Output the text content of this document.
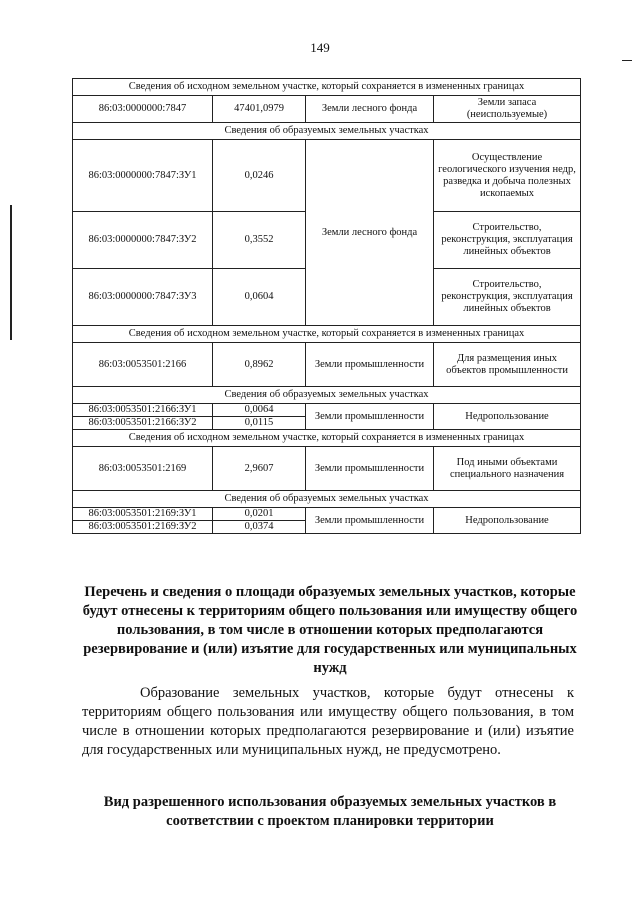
149
Сведения об исходном земельном участке, который сохраняется в измененных границах			
86:03:0000000:7847	47401,0979	Земли лесного фонда	Земли запаса (неиспользуемые)
Сведения об образуемых земельных участках			
86:03:0000000:7847:ЗУ1	0,0246	Земли лесного фонда	Осуществление геологического изучения недр, разведка и добыча полезных ископаемых
86:03:0000000:7847:ЗУ2	0,3552		Строительство, реконструкция, эксплуатация линейных объектов
86:03:0000000:7847:ЗУ3	0,0604		Строительство, реконструкция, эксплуатация линейных объектов
Сведения об исходном земельном участке, который сохраняется в измененных границах			
86:03:0053501:2166	0,8962	Земли промышленности	Для размещения иных объектов промышленности
Сведения об образуемых земельных участках			
86:03:0053501:2166:ЗУ1	0,0064	Земли промышленности	Недропользование
86:03:0053501:2166:ЗУ2	0,0115		
Сведения об исходном земельном участке, который сохраняется в измененных границах			
86:03:0053501:2169	2,9607	Земли промышленности	Под иными объектами специального назначения
Сведения об образуемых земельных участках			
86:03:0053501:2169:ЗУ1	0,0201	Земли промышленности	Недропользование
86:03:0053501:2169:ЗУ2	0,0374		
Перечень и сведения о площади образуемых земельных участков, которые будут отнесены к территориям общего пользования или имуществу общего пользования, в том числе в отношении которых предполагаются резервирование и (или) изъятие для государственных или муниципальных нужд
Образование земельных участков, которые будут отнесены к территориям общего пользования или имуществу общего пользования, в том числе в отношении которых предполагаются резервирование и (или) изъятие для государственных или муниципальных нужд, не предусмотрено.
Вид разрешенного использования образуемых земельных участков в соответствии с проектом планировки территории
